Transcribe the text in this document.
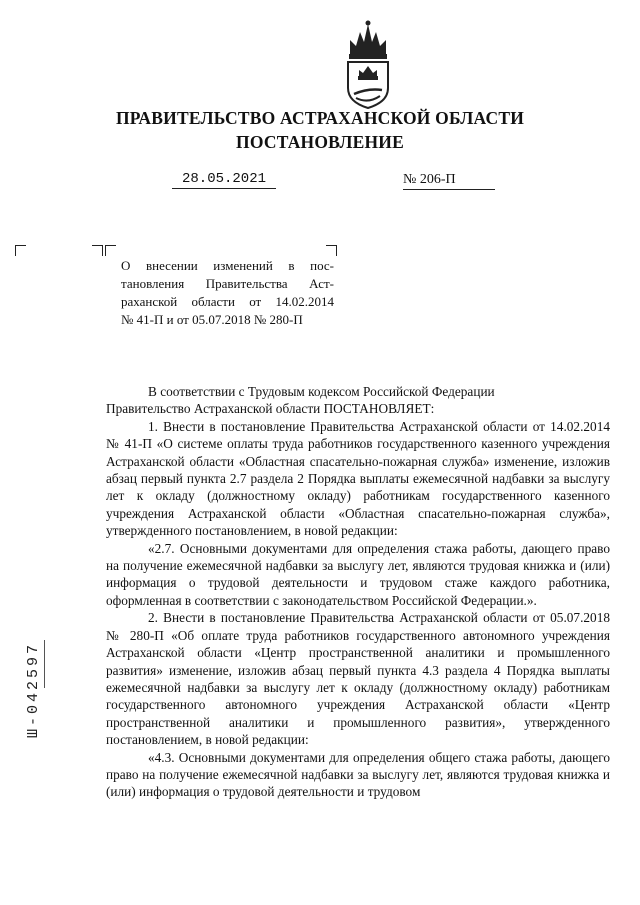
ПРАВИТЕЛЬСТВО АСТРАХАНСКОЙ ОБЛАСТИ
ПОСТАНОВЛЕНИЕ
28.05.2021	№ 206-П
О внесении изменений в пос-
тановления Правительства Аст-
раханской области от 14.02.2014
№ 41-П и от 05.07.2018 № 280-П

В соответствии с Трудовым кодексом Российской Федерации

Правительство Астраханской области ПОСТАНОВЛЯЕТ:

1. Внести в постановление Правительства Астраханской области от 14.02.2014 № 41-П «О системе оплаты труда работников государственного казенного учреждения Астраханской области «Областная спасательно-пожарная служба» изменение, изложив абзац первый пункта 2.7 раздела 2 Порядка выплаты ежемесячной надбавки за выслугу лет к окладу (должностному окладу) работникам государственного казенного учреждения Астраханской области «Областная спасательно-пожарная служба», утвержденного постановлением, в новой редакции:

«2.7. Основными документами для определения стажа работы, дающего право на получение ежемесячной надбавки за выслугу лет, являются трудовая книжка и (или) информация о трудовой деятельности и трудовом стаже каждого работника, оформленная в соответствии с законодательством Российской Федерации.».

2. Внести в постановление Правительства Астраханской области от 05.07.2018 № 280-П «Об оплате труда работников государственного автономного учреждения Астраханской области «Центр пространственной аналитики и промышленного развития» изменение, изложив абзац первый пункта 4.3 раздела 4 Порядка выплаты ежемесячной надбавки за выслугу лет к окладу (должностному окладу) работникам государственного автономного учреждения Астраханской области «Центр пространственной аналитики и промышленного развития», утвержденного постановлением, в новой редакции:

«4.3. Основными документами для определения общего стажа работы, дающего право на получение ежемесячной надбавки за выслугу лет, являются трудовая книжка и (или) информация о трудовой деятельности и трудовом

Ш-042597
